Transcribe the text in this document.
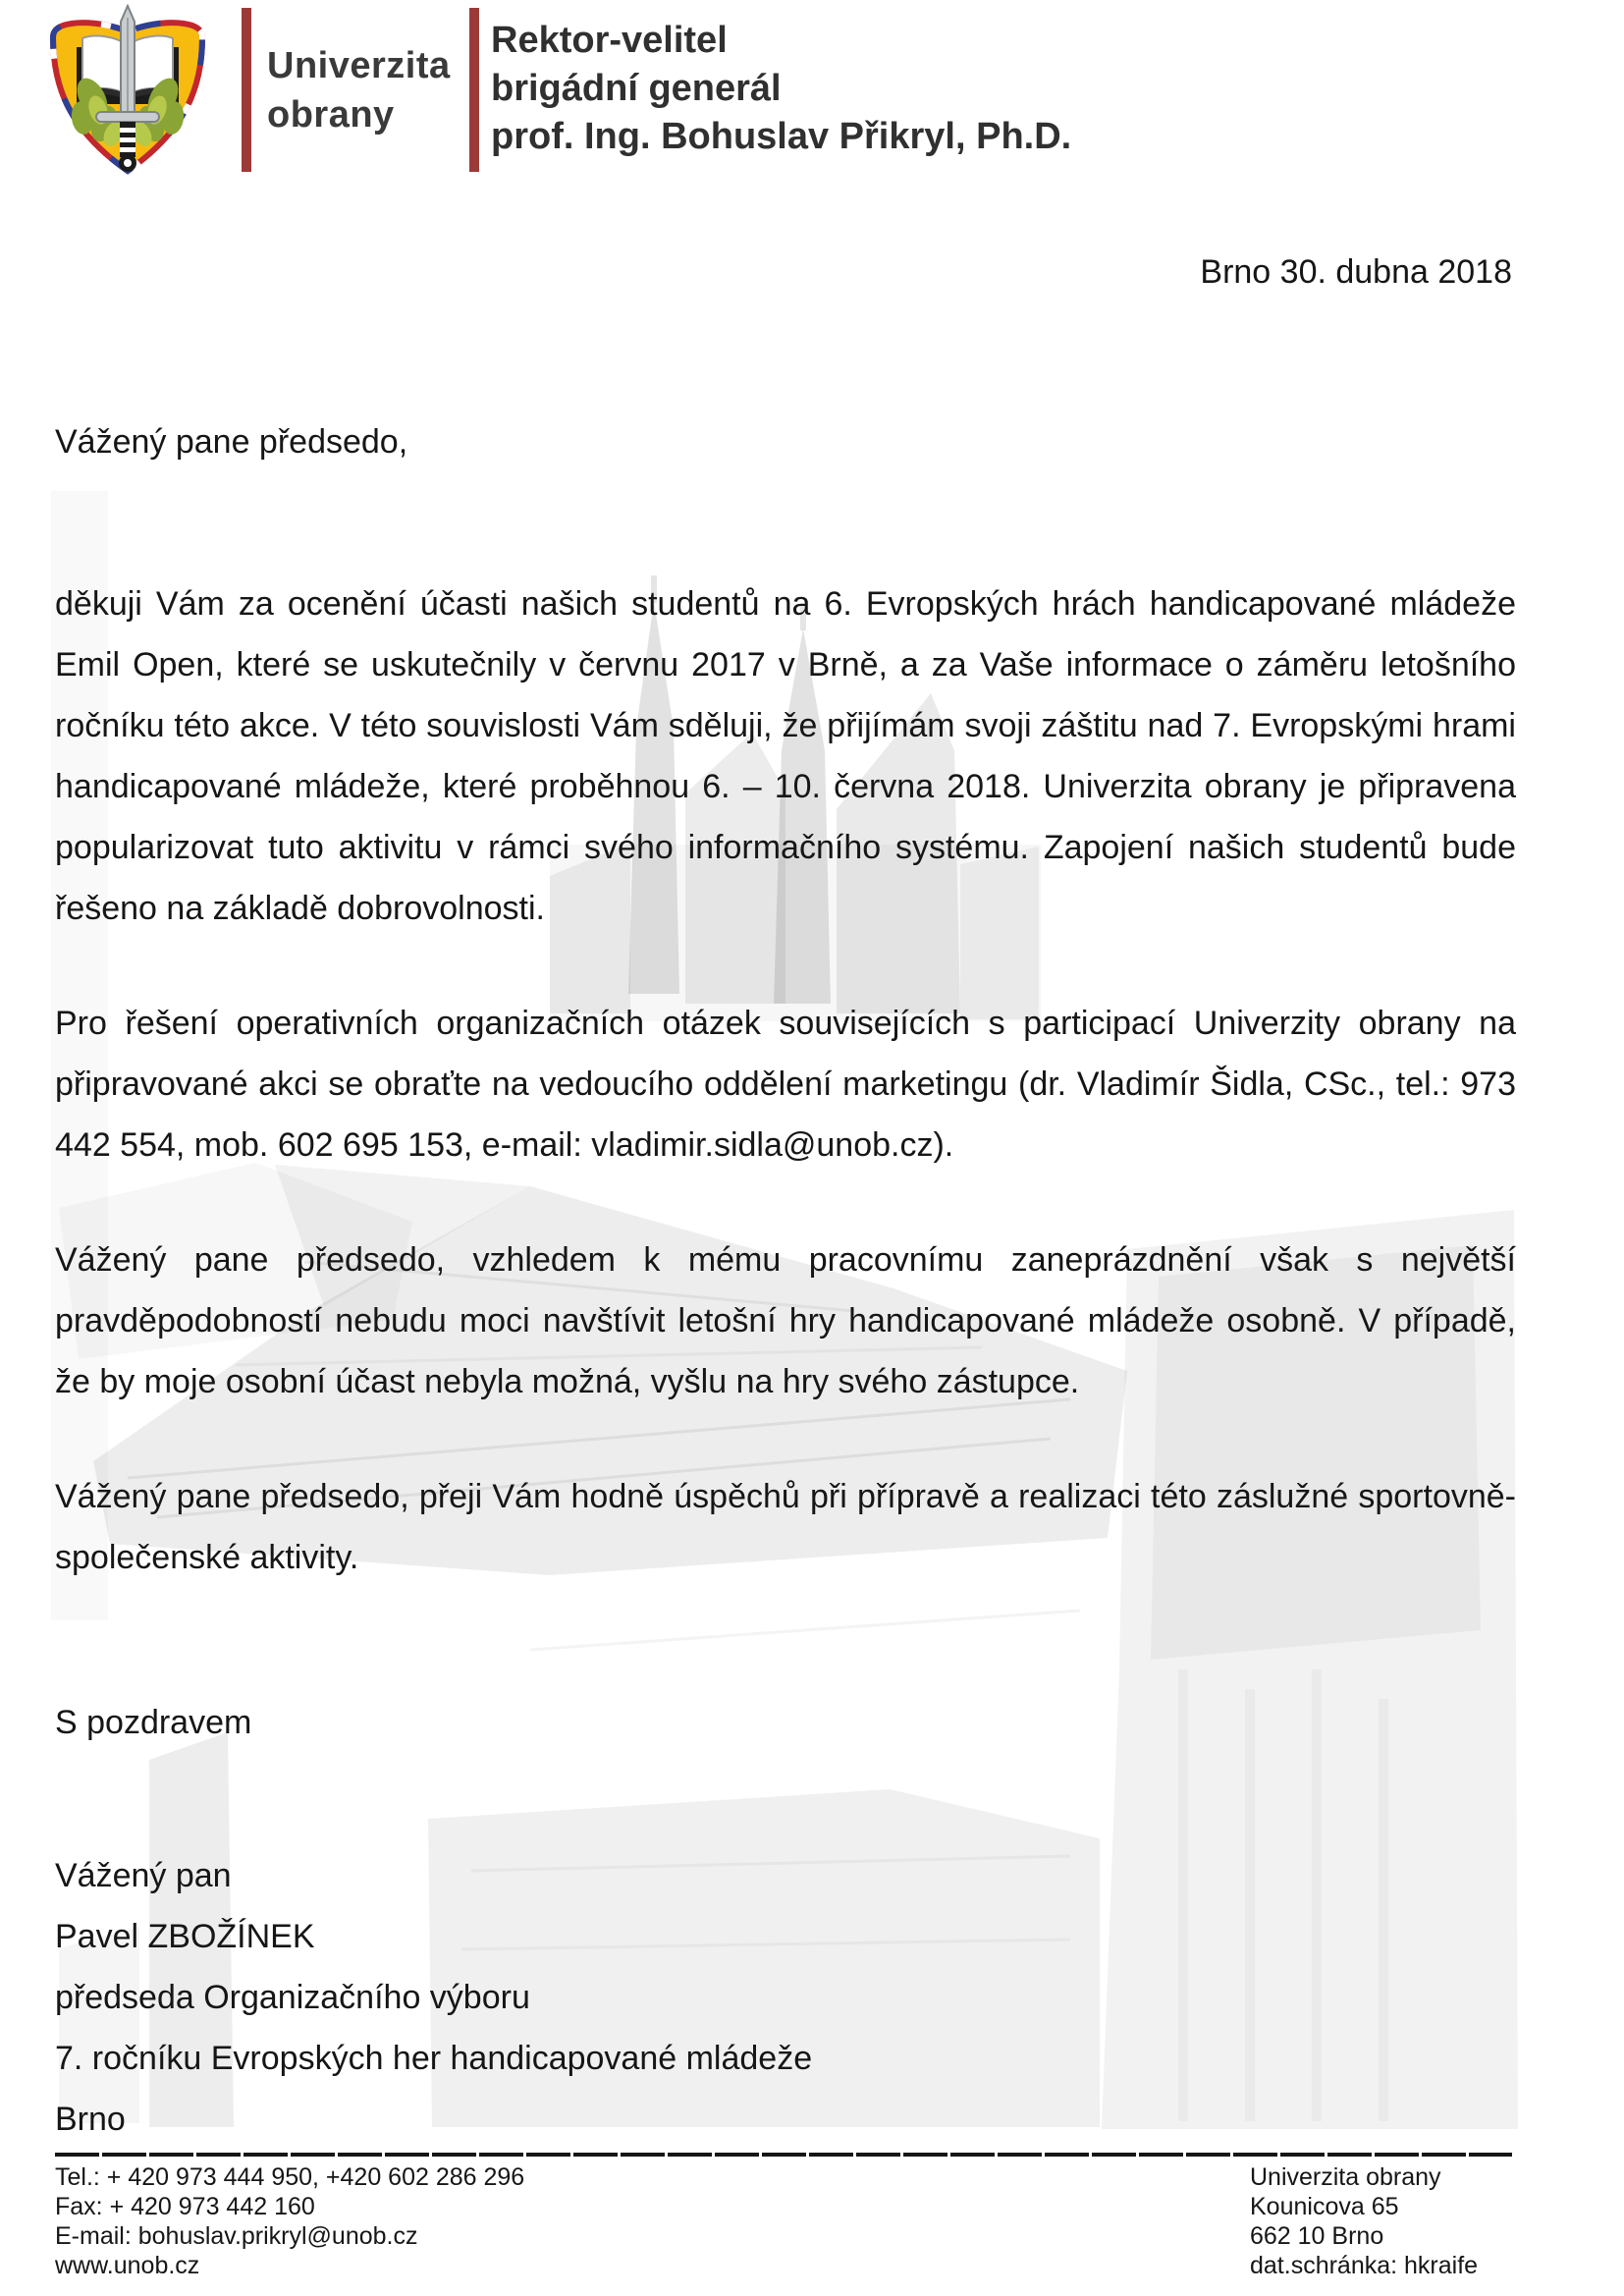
Univerzita
obrany
Rektor-velitel
brigádní generál
prof. Ing. Bohuslav Přikryl, Ph.D.
Brno 30. dubna 2018
Vážený pane předsedo,

děkuji Vám za ocenění účasti našich studentů na 6. Evropských hrách handicapované mládeže Emil Open, které se uskutečnily v červnu 2017 v Brně, a za Vaše informace o záměru letošního ročníku této akce. V této souvislosti Vám sděluji, že přijímám svoji záštitu nad 7. Evropskými hrami handicapované mládeže, které proběhnou 6. – 10. června 2018. Univerzita obrany je připravena popularizovat tuto aktivitu v rámci svého informačního systému. Zapojení našich studentů bude řešeno na základě dobrovolnosti.

Pro řešení operativních organizačních otázek souvisejících s participací Univerzity obrany na připravované akci se obraťte na vedoucího oddělení marketingu (dr. Vladimír Šidla, CSc., tel.: 973 442 554, mob. 602 695 153, e-mail: vladimir.sidla@unob.cz).

Vážený pane předsedo, vzhledem k mému pracovnímu zaneprázdnění však s největší pravděpodobností nebudu moci navštívit letošní hry handicapované mládeže osobně. V případě, že by moje osobní účast nebyla možná, vyšlu na hry svého zástupce.

Vážený pane předsedo, přeji Vám hodně úspěchů při přípravě a realizaci této záslužné sportovně-společenské aktivity.

S pozdravem
Vážený pan
Pavel ZBOŽÍNEK
předseda Organizačního výboru
7. ročníku Evropských her handicapované mládeže
Brno
Tel.: + 420 973 444 950, +420 602 286 296
Fax: + 420 973 442 160
E-mail: bohuslav.prikryl@unob.cz
www.unob.cz
Univerzita obrany
Kounicova 65
662 10 Brno
dat.schránka: hkraife
